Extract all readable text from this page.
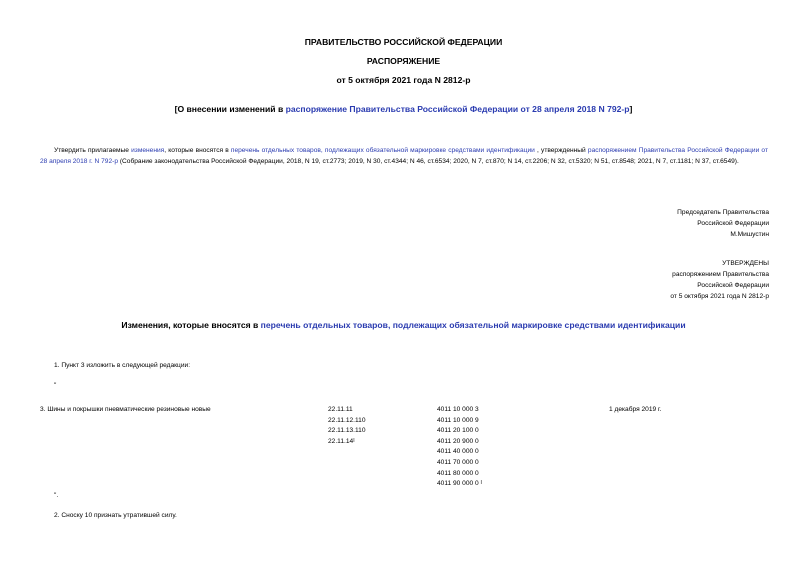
ПРАВИТЕЛЬСТВО РОССИЙСКОЙ ФЕДЕРАЦИИ
РАСПОРЯЖЕНИЕ
от 5 октября 2021 года N 2812-р
[О внесении изменений в распоряжение Правительства Российской Федерации от 28 апреля 2018 N 792-р]
Утвердить прилагаемые изменения, которые вносятся в перечень отдельных товаров, подлежащих обязательной маркировке средствами идентификации , утвержденный распоряжением Правительства Российской Федерации от 28 апреля 2018 г. N 792-р (Собрание законодательства Российской Федерации, 2018, N 19, ст.2773; 2019, N 30, ст.4344; N 46, ст.6534; 2020, N 7, ст.870; N 14, ст.2206; N 32, ст.5320; N 51, ст.8548; 2021, N 7, ст.1181; N 37, ст.6549).
Председатель Правительства
Российской Федерации
М.Мишустин
УТВЕРЖДЕНЫ
распоряжением Правительства
Российской Федерации
от 5 октября 2021 года N 2812-р
Изменения, которые вносятся в перечень отдельных товаров, подлежащих обязательной маркировке средствами идентификации
1. Пункт 3 изложить в следующей редакции:
"
3. Шины и покрышки пневматические резиновые новые	22.11.11
22.11.12.110
22.11.13.110
$22.11.14^I$
4011 10 000 3
4011 10 000 9
4011 20 100 0
4011 20 900 0
4011 40 000 0
4011 70 000 0
4011 80 000 0
4011 90 000 0 $^I$
1 декабря 2019 г.
".
2. Сноску 10 признать утратившей силу.
